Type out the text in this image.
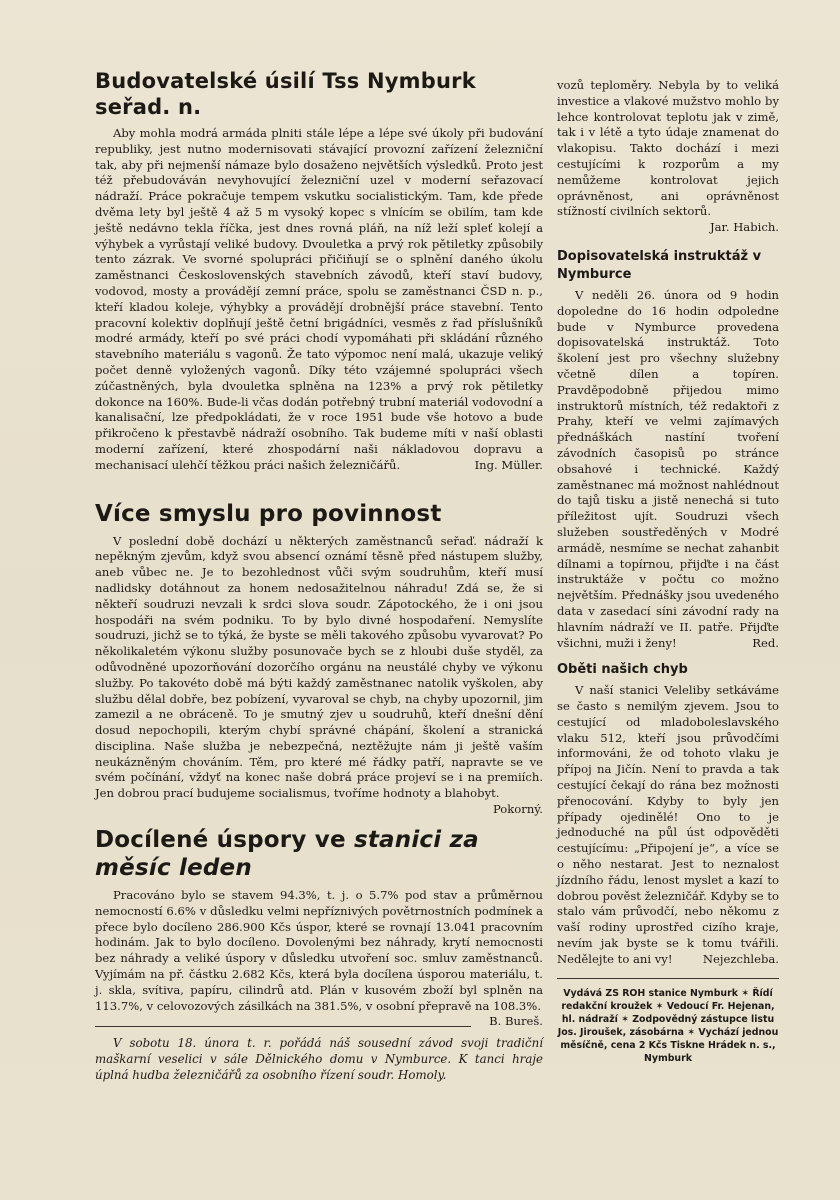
Budovatelské úsilí Tss Nymburk seřad. n.

Aby mohla modrá armáda plniti stále lépe a lépe své úkoly při budování republiky, jest nutno modernisovati stávající provozní zařízení železniční tak, aby při nejmenší námaze bylo dosaženo největších výsledků. Proto jest též přebudováván nevyhovující železniční uzel v moderní seřazovací nádraží. Práce pokračuje tempem vskutku socialistickým. Tam, kde přede dvěma lety byl ještě 4 až 5 m vysoký kopec s vlnícím se obilím, tam kde ještě nedávno tekla říčka, jest dnes rovná pláň, na níž leží spleť kolejí a výhybek a vyrůstají veliké budovy. Dvouletka a prvý rok pětiletky způsobily tento zázrak. Ve svorné spolupráci přičiňují se o splnění daného úkolu zaměstnanci Československých stavebních závodů, kteří staví budovy, vodovod, mosty a provádějí zemní práce, spolu se zaměstnanci ČSD n. p., kteří kladou koleje, výhybky a provádějí drobnější práce stavební. Tento pracovní kolektiv doplňují ještě četní brigádníci, vesměs z řad příslušníků modré armády, kteří po své práci chodí vypomáhati při skládání různého stavebního materiálu s vagonů. Že tato výpomoc není malá, ukazuje veliký počet denně vyložených vagonů. Díky této vzájemné spolupráci všech zúčastněných, byla dvouletka splněna na 123% a prvý rok pětiletky dokonce na 160%. Bude-li včas dodán potřebný trubní materiál vodovodní a kanalisační, lze předpokládati, že v roce 1951 bude vše hotovo a bude přikročeno k přestavbě nádraží osobního. Tak budeme míti v naší oblasti moderní zařízení, které zhospodární naši nákladovou dopravu a mechanisací ulehčí těžkou práci našich železničářů.	Ing. Müller.

Více smyslu pro povinnost

V poslední době dochází u některých zaměstnanců seřaď. nádraží k nepěkným zjevům, když svou absencí oznámí těsně před nástupem služby, aneb vůbec ne. Je to bezohlednost vůči svým soudruhům, kteří musí nadlidsky dotáhnout za honem nedosažitelnou náhradu! Zdá se, že si někteří soudruzi nevzali k srdci slova soudr. Zápotockého, že i oni jsou hospodáři na svém podniku. To by bylo divné hospodaření. Nemyslíte soudruzi, jichž se to týká, že byste se měli takového způsobu vyvarovat? Po několikaletém výkonu služby posunovače bych se z hloubi duše styděl, za odůvodněné upozorňování dozorčího orgánu na neustálé chyby ve výkonu služby. Po takovéto době má býti každý zaměstnanec natolik vyškolen, aby službu dělal dobře, bez pobízení, vyvaroval se chyb, na chyby upozornil, jim zamezil a ne obráceně. To je smutný zjev u soudruhů, kteří dnešní dění dosud nepochopili, kterým chybí správné chápání, školení a stranická disciplina. Naše služba je nebezpečná, neztěžujte nám ji ještě vaším neukázněným chováním. Těm, pro které mé řádky patří, napravte se ve svém počínání, vždyť na konec naše dobrá práce projeví se i na premiích. Jen dobrou prací budujeme socialismus, tvoříme hodnoty a blahobyt.
Pokorný.

Docílené úspory ve stanici za měsíc leden

Pracováno bylo se stavem 94.3%, t. j. o 5.7% pod stav a průměrnou nemocností 6.6% v důsledku velmi nepříznivých povětrnostních podmínek a přece bylo docíleno 286.900 Kčs úspor, které se rovnají 13.041 pracovním hodinám. Jak to bylo docíleno. Dovolenými bez náhrady, krytí nemocnosti bez náhrady a veliké úspory v důsledku utvoření soc. smluv zaměstnanců. Vyjímám na př. částku 2.682 Kčs, která byla docílena úsporou materiálu, t. j. skla, svítiva, papíru, cilindrů atd. Plán v kusovém zboží byl splněn na 113.7%, v celovozových zásilkách na 381.5%, v osobní přepravě na 108.3%.
B. Bureš.

V sobotu 18. února t. r. pořádá náš sousední závod svoji tradiční maškarní veselici v sále Dělnického domu v Nymburce. K tanci hraje úplná hudba železničářů za osobního řízení soudr. Homoly.

vozů teploměry. Nebyla by to veliká investice a vlakové mužstvo mohlo by lehce kontrolovat teplotu jak v zimě, tak i v létě a tyto údaje znamenat do vlakopisu. Takto dochází i mezi cestujícími k rozporům a my nemůžeme kontrolovat jejich oprávněnost, ani oprávněnost stížností civilních sektorů.
Jar. Habich.

Dopisovatelská instruktáž v Nymburce

V neděli 26. února od 9 hodin dopoledne do 16 hodin odpoledne bude v Nymburce provedena dopisovatelská instruktáž. Toto školení jest pro všechny služebny včetně dílen a topíren. Pravděpodobně přijedou mimo instruktorů místních, též redaktoři z Prahy, kteří ve velmi zajímavých přednáškách nastíní tvoření závodních časopisů po stránce obsahové i technické. Každý zaměstnanec má možnost nahlédnout do tajů tisku a jistě nenechá si tuto příležitost ujít. Soudruzi všech služeben soustředěných v Modré armádě, nesmíme se nechat zahanbit dílnami a topírnou, přijďte i na část instruktáže v počtu co možno největším. Přednášky jsou uvedeného data v zasedací síni závodní rady na hlavním nádraží ve II. patře. Přijďte všichni, muži i ženy!	Red.

Oběti našich chyb

V naší stanici Veleliby setkáváme se často s nemilým zjevem. Jsou to cestující od mladoboleslavského vlaku 512, kteří jsou průvodčími informováni, že od tohoto vlaku je přípoj na Jičín. Není to pravda a tak cestující čekají do rána bez možnosti přenocování. Kdyby to byly jen případy ojedinělé! Ono to je jednoduché na půl úst odpověděti cestujícímu: „Připojení je“, a více se o něho nestarat. Jest to neznalost jízdního řádu, lenost myslet a kazí to dobrou pověst železničář. Kdyby se to stalo vám průvodčí, nebo někomu z vaší rodiny uprostřed cizího kraje, nevím jak byste se k tomu tvářili. Nedělejte to ani vy!	Nejezchleba.

Vydává ZS ROH stanice Nymburk ✶ Řídí redakční kroužek ✶ Vedoucí Fr. Hejenan, hl. nádraží ✶ Zodpovědný zástupce listu Jos. Jiroušek, zásobárna ✶ Vychází jednou měsíčně, cena 2 Kčs Tiskne Hrádek n. s., Nymburk
